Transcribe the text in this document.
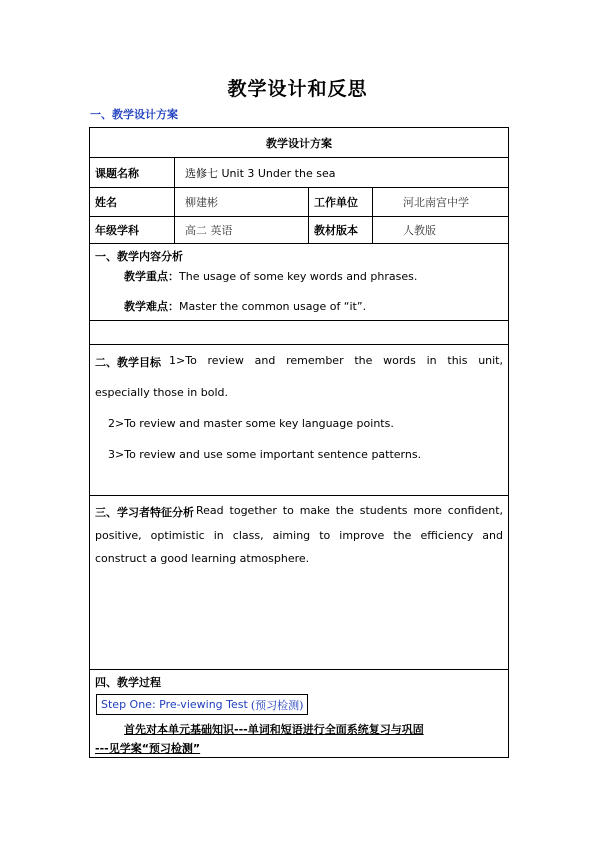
教学设计和反思
一、教学设计方案
教学设计方案
课题名称	选修七 Unit 3 Under the sea
姓名	柳建彬	工作单位	河北南宫中学
年级学科	高二 英语	教材版本	人教版
一、教学内容分析
教学重点：The usage of some key words and phrases.
教学难点：Master the common usage of “it”.
二、教学目标 1>To review and remember the words in this unit,
especially those in bold.
2>To review and master some key language points.
3>To review and use some important sentence patterns.
三、学习者特征分析 Read together to make the students more confident,
positive, optimistic in class, aiming to improve the efficiency and
construct a good learning atmosphere.
四、教学过程
Step One: Pre-viewing Test (预习检测)
首先对本单元基础知识---单词和短语进行全面系统复习与巩固
---见学案“预习检测”
